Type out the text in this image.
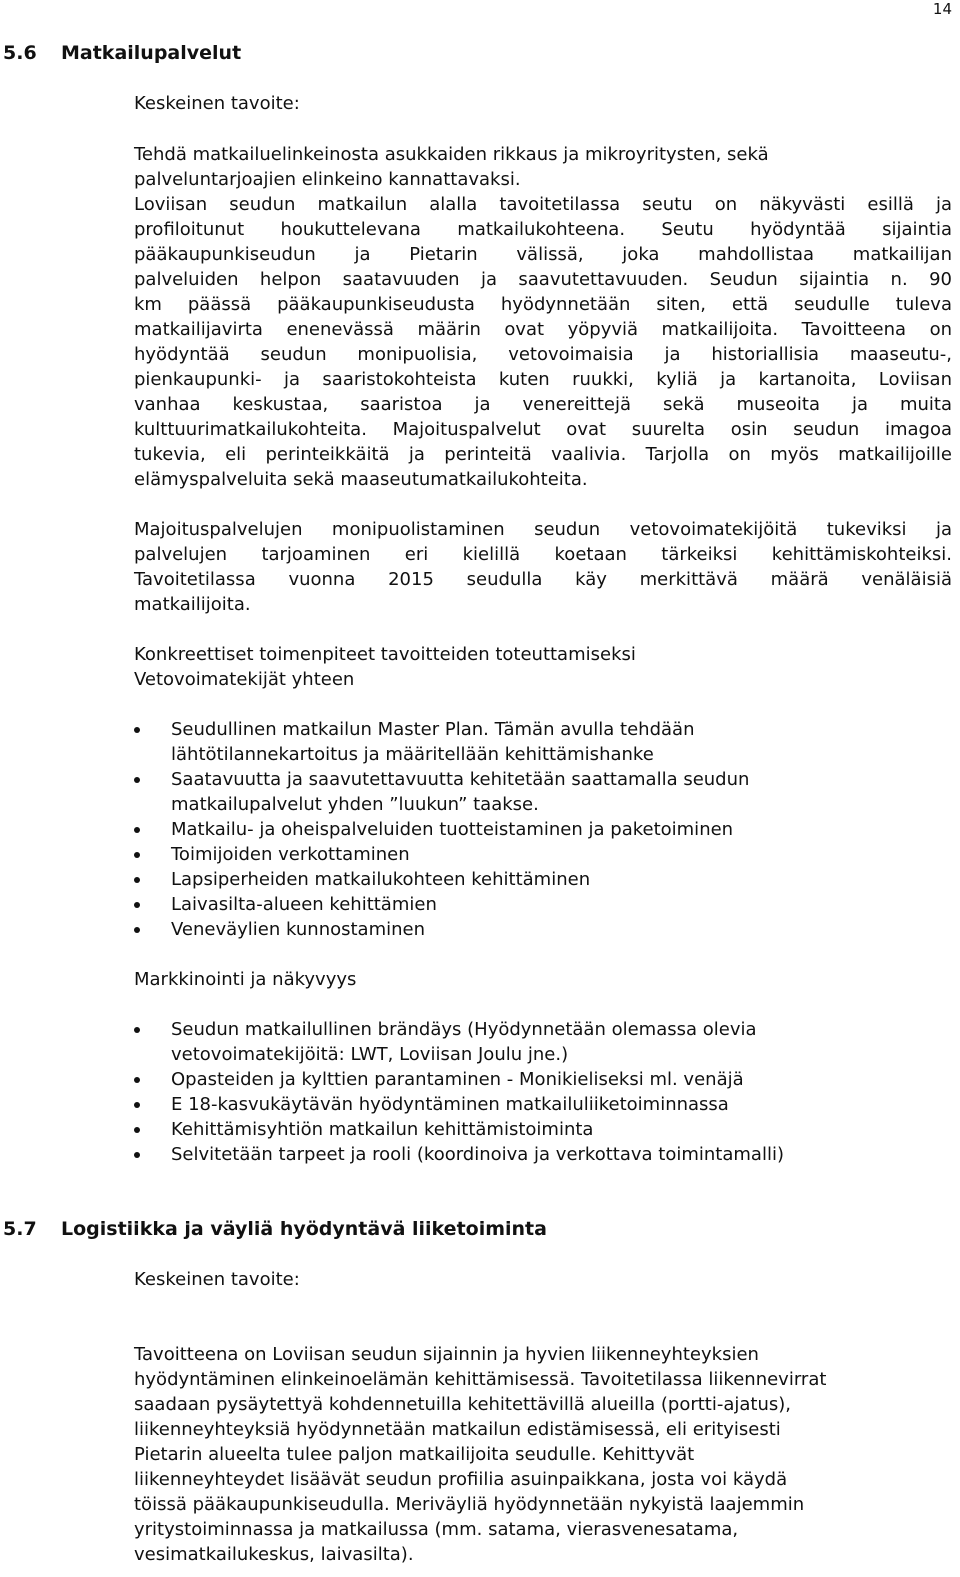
14
5.6 Matkailupalvelut

Keskeinen tavoite:

Tehdä matkailuelinkeinosta asukkaiden rikkaus ja mikroyritysten, sekä
palveluntarjoajien elinkeino kannattavaksi.

Loviisan seudun matkailun alalla tavoitetilassa seutu on näkyvästi esillä ja
profiloitunut houkuttelevana matkailukohteena. Seutu hyödyntää sijaintia
pääkaupunkiseudun ja Pietarin välissä, joka mahdollistaa matkailijan
palveluiden helpon saatavuuden ja saavutettavuuden. Seudun sijaintia n. 90
km päässä pääkaupunkiseudusta hyödynnetään siten, että seudulle tuleva
matkailijavirta enenevässä määrin ovat yöpyviä matkailijoita. Tavoitteena on
hyödyntää seudun monipuolisia, vetovoimaisia ja historiallisia maaseutu-,
pienkaupunki- ja saaristokohteista kuten ruukki, kyliä ja kartanoita, Loviisan
vanhaa keskustaa, saaristoa ja venereittejä sekä museoita ja muita
kulttuurimatkailukohteita. Majoituspalvelut ovat suurelta osin seudun imagoa
tukevia, eli perinteikkäitä ja perinteitä vaalivia. Tarjolla on myös matkailijoille
elämyspalveluita sekä maaseutumatkailukohteita.

Majoituspalvelujen monipuolistaminen seudun vetovoimatekijöitä tukeviksi ja
palvelujen tarjoaminen eri kielillä koetaan tärkeiksi kehittämiskohteiksi.
Tavoitetilassa vuonna 2015 seudulla käy merkittävä määrä venäläisiä
matkailijoita.

Konkreettiset toimenpiteet tavoitteiden toteuttamiseksi
Vetovoimatekijät yhteen

Seudullinen matkailun Master Plan. Tämän avulla tehdään
lähtötilannekartoitus ja määritellään kehittämishanke
Saatavuutta ja saavutettavuutta kehitetään saattamalla seudun
matkailupalvelut yhden ”luukun” taakse.
Matkailu- ja oheispalveluiden tuotteistaminen ja paketoiminen
Toimijoiden verkottaminen
Lapsiperheiden matkailukohteen kehittäminen
Laivasilta-alueen kehittämien
Veneväylien kunnostaminen

Markkinointi ja näkyvyys

Seudun matkailullinen brändäys (Hyödynnetään olemassa olevia
vetovoimatekijöitä: LWT, Loviisan Joulu jne.)
Opasteiden ja kylttien parantaminen - Monikieliseksi ml. venäjä
E 18-kasvukäytävän hyödyntäminen matkailuliiketoiminnassa
Kehittämisyhtiön matkailun kehittämistoiminta
Selvitetään tarpeet ja rooli (koordinoiva ja verkottava toimintamalli)
5.7 Logistiikka ja väyliä hyödyntävä liiketoiminta

Keskeinen tavoite:

Tavoitteena on Loviisan seudun sijainnin ja hyvien liikenneyhteyksien
hyödyntäminen elinkeinoelämän kehittämisessä. Tavoitetilassa liikennevirrat
saadaan pysäytettyä kohdennetuilla kehitettävillä alueilla (portti-ajatus),
liikenneyhteyksiä hyödynnetään matkailun edistämisessä, eli erityisesti
Pietarin alueelta tulee paljon matkailijoita seudulle. Kehittyvät
liikenneyhteydet lisäävät seudun profiilia asuinpaikkana, josta voi käydä
töissä pääkaupunkiseudulla. Meriväyliä hyödynnetään nykyistä laajemmin
yritystoiminnassa ja matkailussa (mm. satama, vierasvenesatama,
vesimatkailukeskus, laivasilta).
